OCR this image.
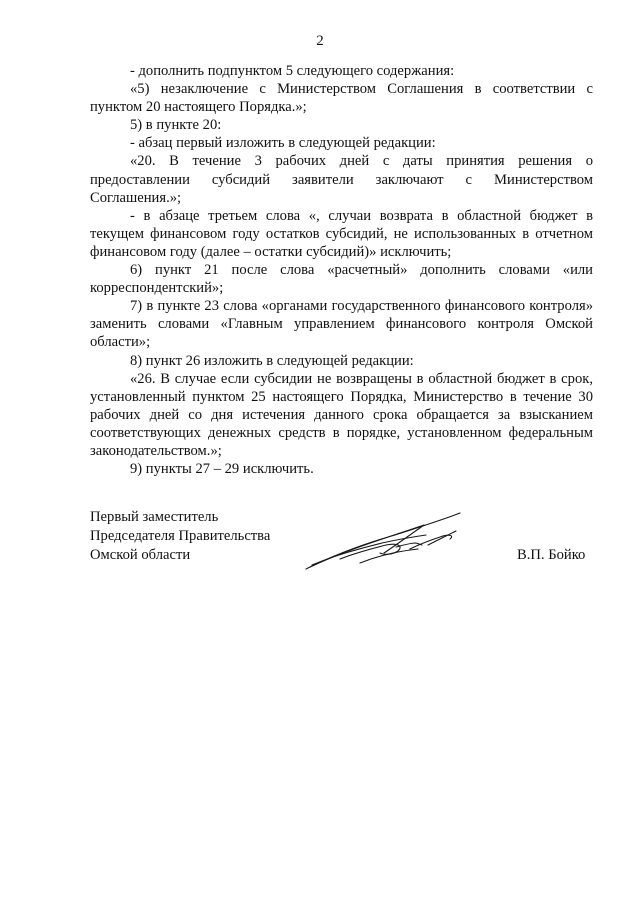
2

- дополнить подпунктом 5 следующего содержания:

«5) незаключение с Министерством Соглашения в соответствии с пунктом 20 настоящего Порядка.»;

5) в пункте 20:

- абзац первый изложить в следующей редакции:

«20. В течение 3 рабочих дней с даты принятия решения о предоставлении субсидий заявители заключают с Министерством Соглашения.»;

- в абзаце третьем слова «, случаи возврата в областной бюджет в текущем финансовом году остатков субсидий, не использованных в отчетном финансовом году (далее – остатки субсидий)» исключить;

6) пункт 21 после слова «расчетный» дополнить словами «или корреспондентский»;

7) в пункте 23 слова «органами государственного финансового контроля» заменить словами «Главным управлением финансового контроля Омской области»;

8) пункт 26 изложить в следующей редакции:

«26. В случае если субсидии не возвращены в областной бюджет в срок, установленный пунктом 25 настоящего Порядка, Министерство в течение 30 рабочих дней со дня истечения данного срока обращается за взысканием соответствующих денежных средств в порядке, установленном федеральным законодательством.»;

9) пункты 27 – 29 исключить.

Первый заместитель
Председателя Правительства
Омской области	В.П. Бойко
